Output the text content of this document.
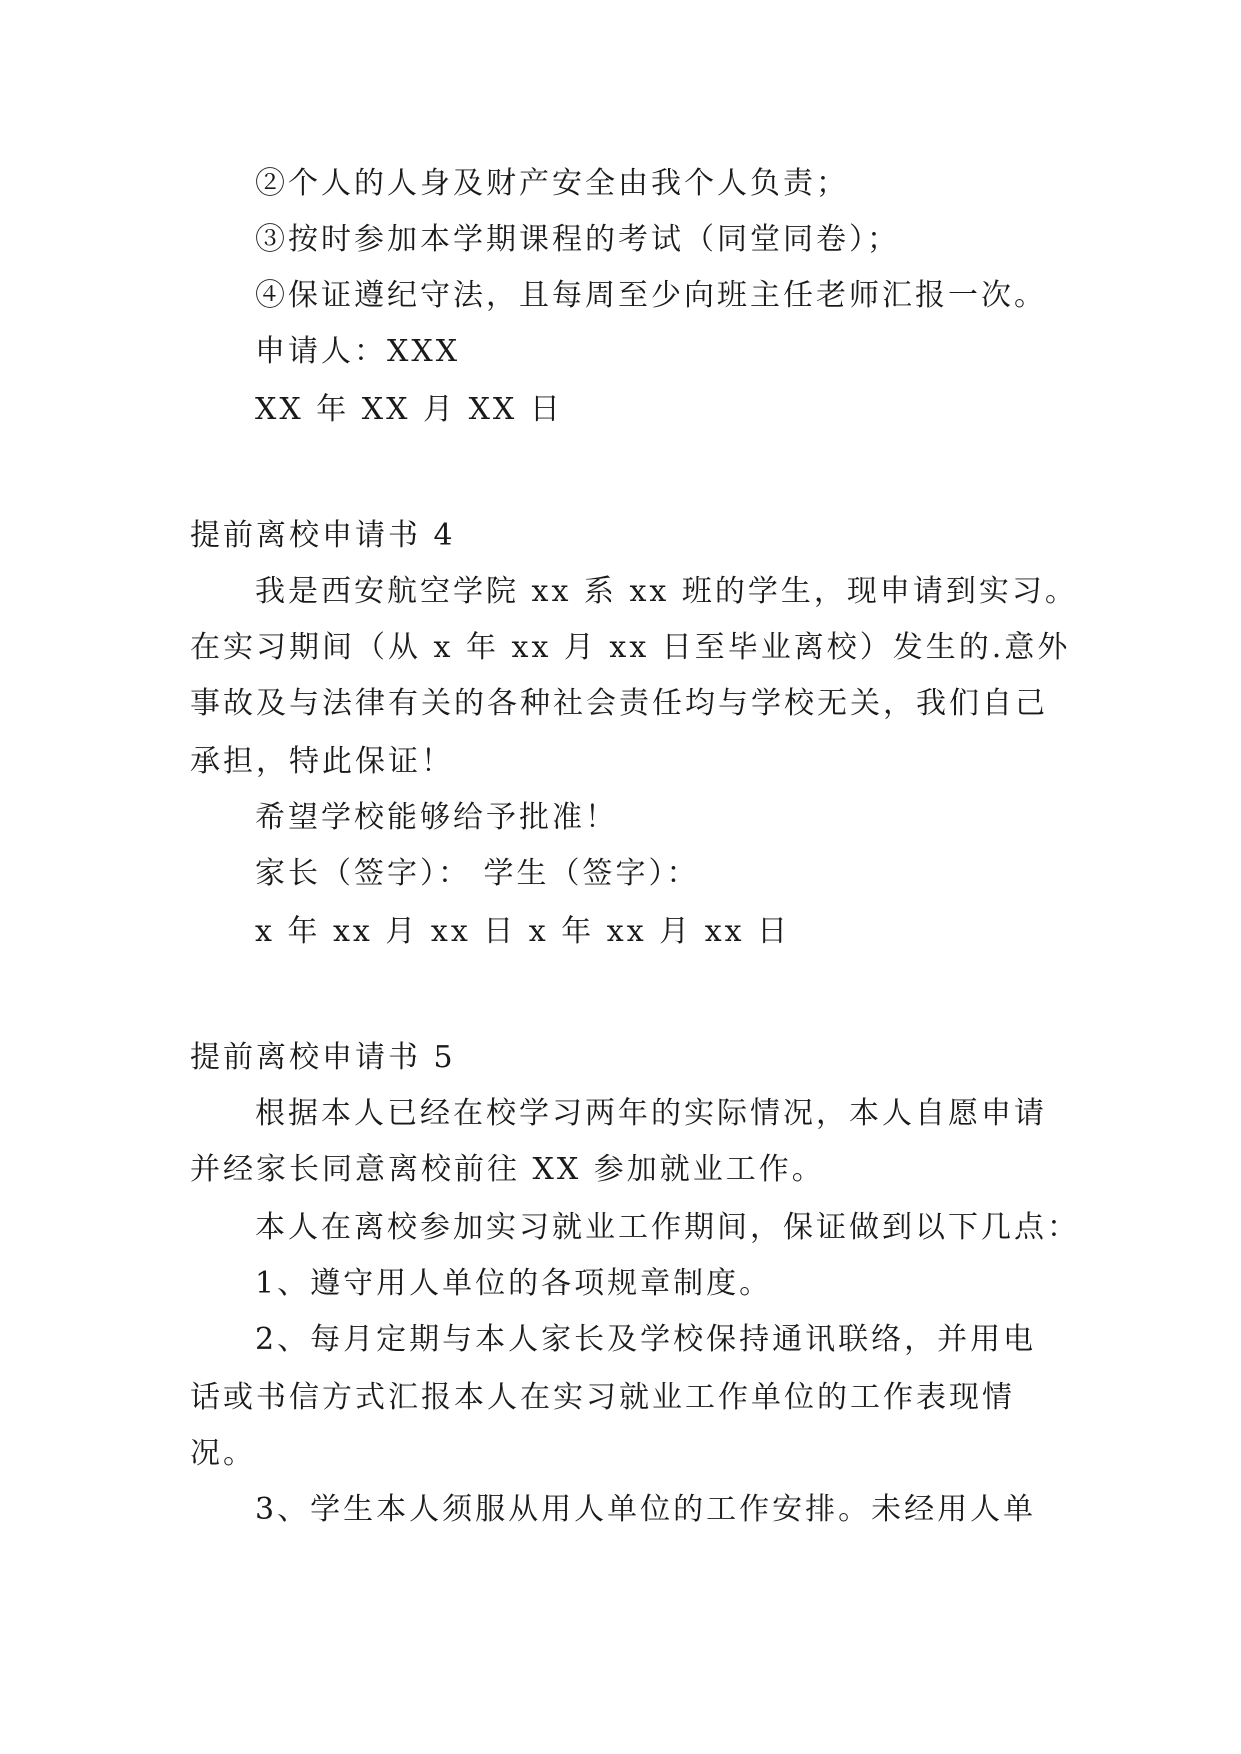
②个人的人身及财产安全由我个人负责；
③按时参加本学期课程的考试（同堂同卷）；
④保证遵纪守法，且每周至少向班主任老师汇报一次。
申请人：XXX
XX 年 XX 月 XX 日
提前离校申请书 4
我是西安航空学院 xx 系 xx 班的学生，现申请到实习。
在实习期间（从 x 年 xx 月 xx 日至毕业离校）发生的.意外
事故及与法律有关的各种社会责任均与学校无关，我们自己
承担，特此保证！
希望学校能够给予批准！
家长（签字）： 学生（签字）：
x 年 xx 月 xx 日 x 年 xx 月 xx 日
提前离校申请书 5
根据本人已经在校学习两年的实际情况，本人自愿申请
并经家长同意离校前往 XX 参加就业工作。
本人在离校参加实习就业工作期间，保证做到以下几点：
1、遵守用人单位的各项规章制度。
2、每月定期与本人家长及学校保持通讯联络，并用电
话或书信方式汇报本人在实习就业工作单位的工作表现情
况。
3、学生本人须服从用人单位的工作安排。未经用人单
